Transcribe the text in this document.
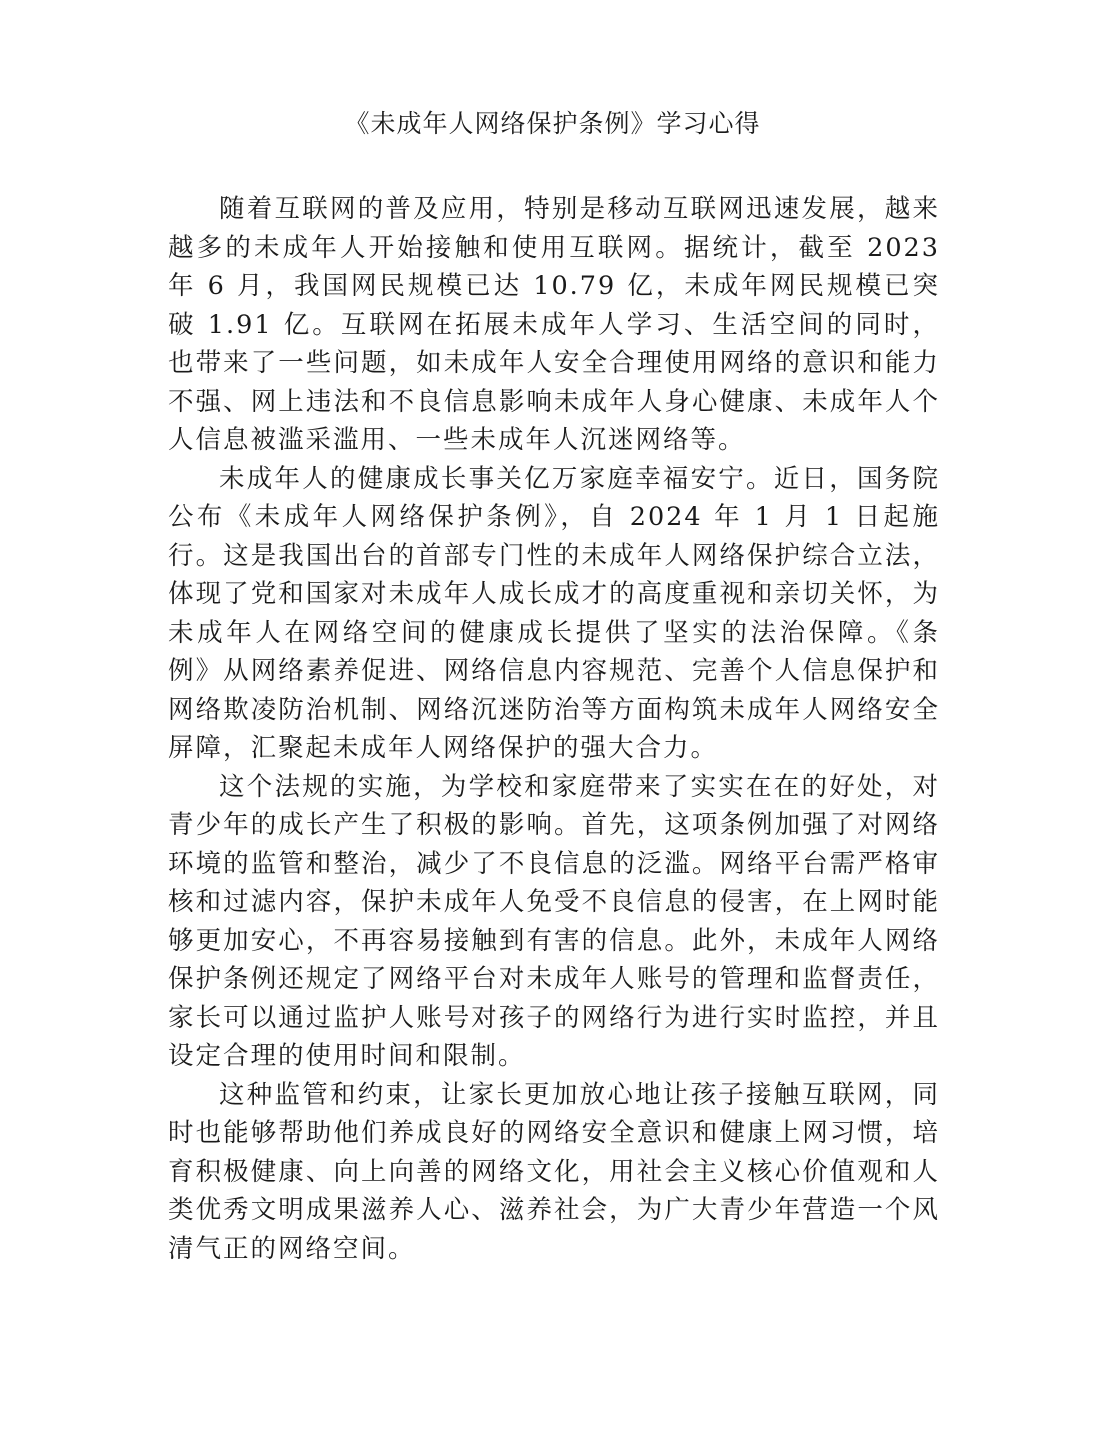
《未成年人网络保护条例》学习心得

随着互联网的普及应用，特别是移动互联网迅速发展，越来越多的未成年人开始接触和使用互联网。据统计，截至 2023 年 6 月，我国网民规模已达 10.79 亿，未成年网民规模已突破 1.91 亿。互联网在拓展未成年人学习、生活空间的同时，也带来了一些问题，如未成年人安全合理使用网络的意识和能力不强、网上违法和不良信息影响未成年人身心健康、未成年人个人信息被滥采滥用、一些未成年人沉迷网络等。

未成年人的健康成长事关亿万家庭幸福安宁。近日，国务院公布《未成年人网络保护条例》，自 2024 年 1 月 1 日起施行。这是我国出台的首部专门性的未成年人网络保护综合立法，体现了党和国家对未成年人成长成才的高度重视和亲切关怀，为未成年人在网络空间的健康成长提供了坚实的法治保障。《条例》从网络素养促进、网络信息内容规范、完善个人信息保护和网络欺凌防治机制、网络沉迷防治等方面构筑未成年人网络安全屏障，汇聚起未成年人网络保护的强大合力。

这个法规的实施，为学校和家庭带来了实实在在的好处，对青少年的成长产生了积极的影响。首先，这项条例加强了对网络环境的监管和整治，减少了不良信息的泛滥。网络平台需严格审核和过滤内容，保护未成年人免受不良信息的侵害，在上网时能够更加安心，不再容易接触到有害的信息。此外，未成年人网络保护条例还规定了网络平台对未成年人账号的管理和监督责任，家长可以通过监护人账号对孩子的网络行为进行实时监控，并且设定合理的使用时间和限制。

这种监管和约束，让家长更加放心地让孩子接触互联网，同时也能够帮助他们养成良好的网络安全意识和健康上网习惯，培育积极健康、向上向善的网络文化，用社会主义核心价值观和人类优秀文明成果滋养人心、滋养社会，为广大青少年营造一个风清气正的网络空间。
